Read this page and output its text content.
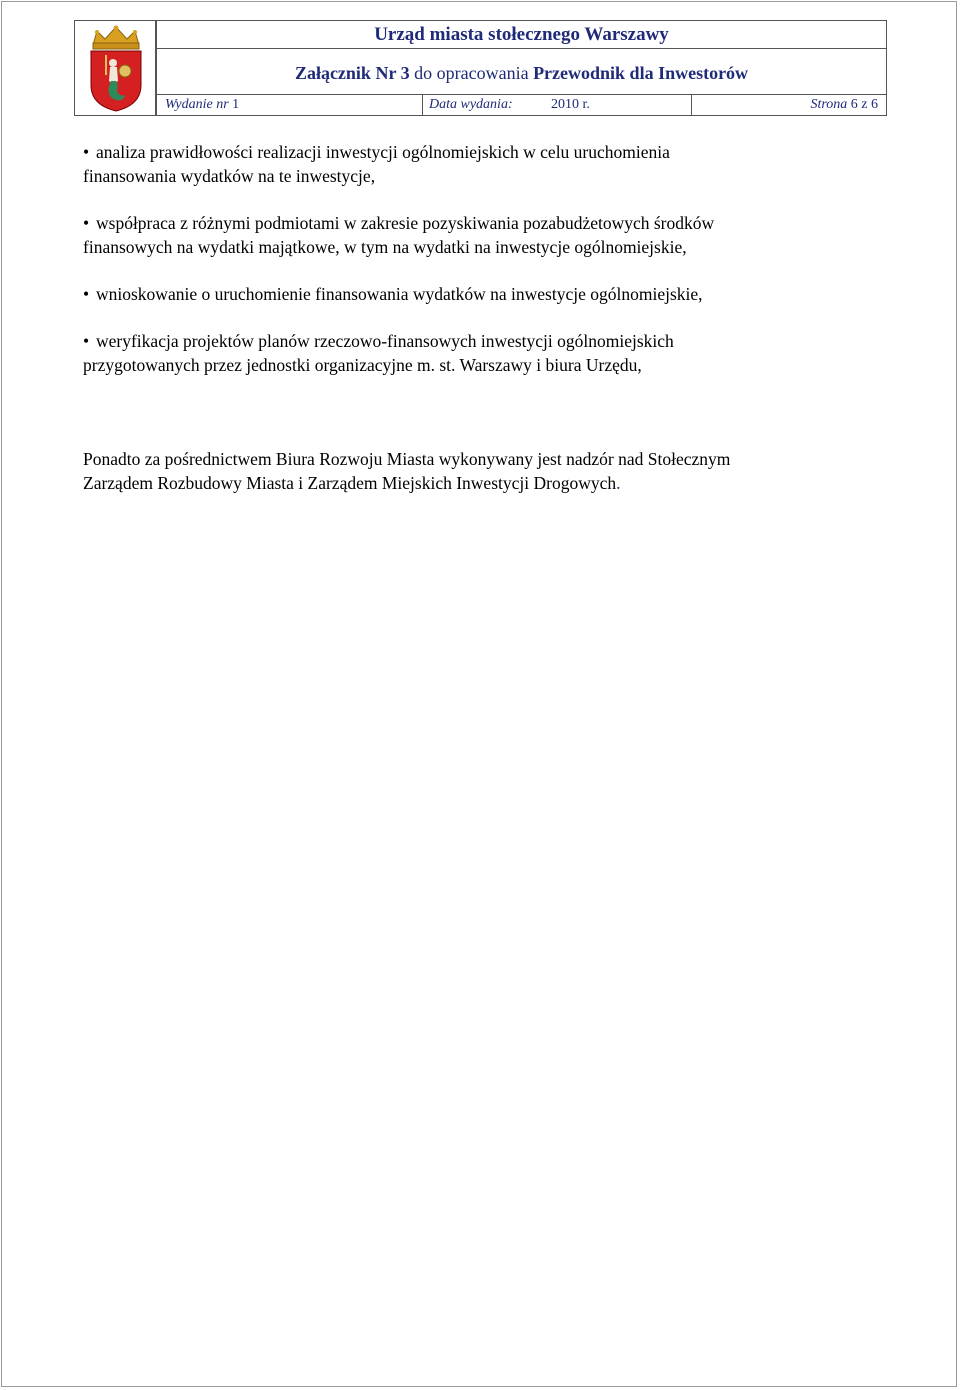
Urząd miasta stołecznego Warszawy
Załącznik Nr 3 do opracowania Przewodnik dla Inwestorów
Wydanie nr 1	Data wydania:	2010 r.	Strona 6 z 6
• analiza prawidłowości realizacji inwestycji ogólnomiejskich w celu uruchomienia
finansowania wydatków na te inwestycje,
• współpraca z różnymi podmiotami w zakresie pozyskiwania pozabudżetowych środków
finansowych na wydatki majątkowe, w tym na wydatki na inwestycje ogólnomiejskie,
• wnioskowanie o uruchomienie finansowania wydatków na inwestycje ogólnomiejskie,
• weryfikacja projektów planów rzeczowo-finansowych inwestycji ogólnomiejskich
przygotowanych przez jednostki organizacyjne m. st. Warszawy i biura Urzędu,
Ponadto za pośrednictwem Biura Rozwoju Miasta wykonywany jest nadzór nad Stołecznym
Zarządem Rozbudowy Miasta i Zarządem Miejskich Inwestycji Drogowych.
